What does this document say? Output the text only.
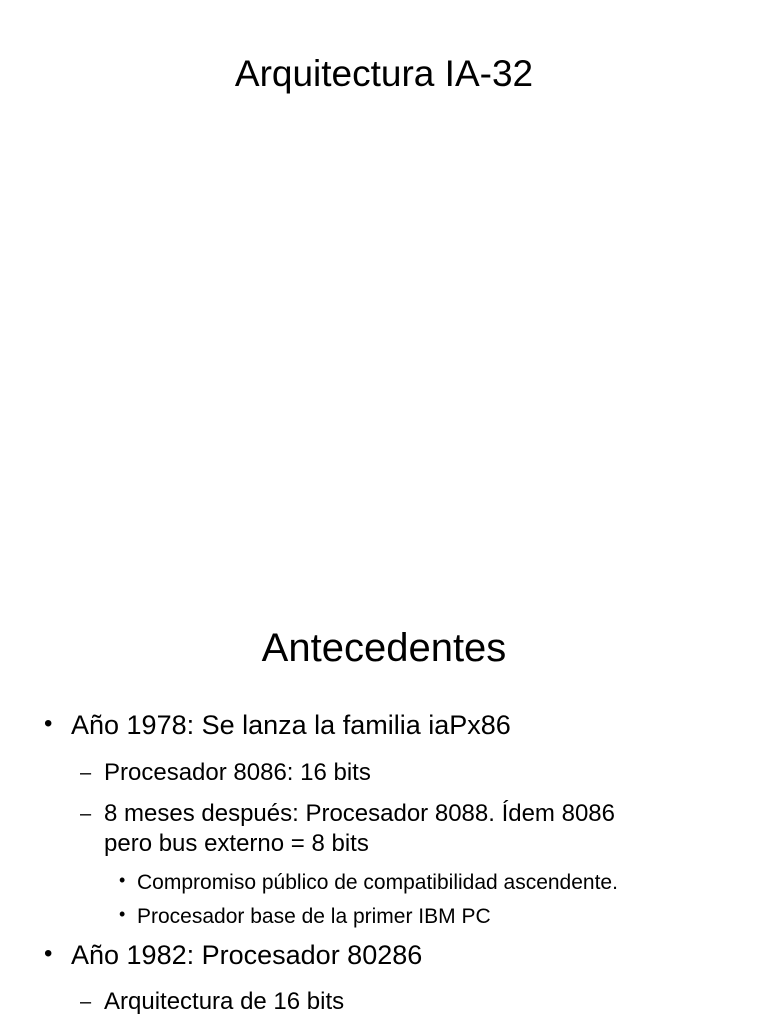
Arquitectura IA-32
Antecedentes
• Año 1978: Se lanza la familia iaPx86
– Procesador 8086: 16 bits
– 8 meses después: Procesador 8088. Ídem 8086
pero bus externo = 8 bits
• Compromiso público de compatibilidad ascendente.
• Procesador base de la primer IBM PC
• Año 1982: Procesador 80286
– Arquitectura de 16 bits
